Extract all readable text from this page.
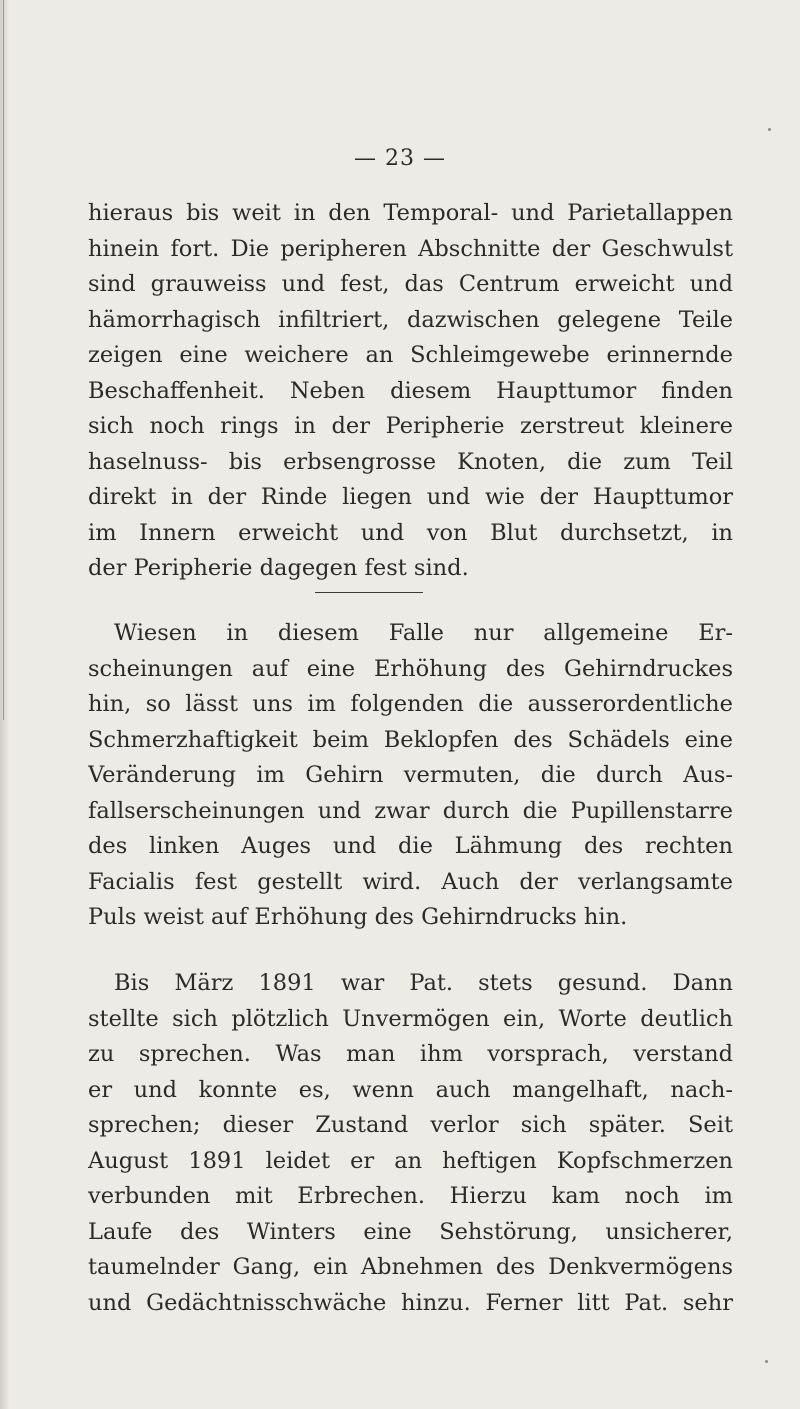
— 23 —
hieraus bis weit in den Temporal- und Parietallappen
hinein fort. Die peripheren Abschnitte der Geschwulst
sind grauweiss und fest, das Centrum erweicht und
hämorrhagisch infiltriert, dazwischen gelegene Teile
zeigen eine weichere an Schleimgewebe erinnernde
Beschaffenheit. Neben diesem Haupttumor finden
sich noch rings in der Peripherie zerstreut kleinere
haselnuss- bis erbsengrosse Knoten, die zum Teil
direkt in der Rinde liegen und wie der Haupttumor
im Innern erweicht und von Blut durchsetzt, in
der Peripherie dagegen fest sind.
Wiesen in diesem Falle nur allgemeine Er-
scheinungen auf eine Erhöhung des Gehirndruckes
hin, so lässt uns im folgenden die ausserordentliche
Schmerzhaftigkeit beim Beklopfen des Schädels eine
Veränderung im Gehirn vermuten, die durch Aus-
fallserscheinungen und zwar durch die Pupillenstarre
des linken Auges und die Lähmung des rechten
Facialis fest gestellt wird. Auch der verlangsamte
Puls weist auf Erhöhung des Gehirndrucks hin.
Bis März 1891 war Pat. stets gesund. Dann
stellte sich plötzlich Unvermögen ein, Worte deutlich
zu sprechen. Was man ihm vorsprach, verstand
er und konnte es, wenn auch mangelhaft, nach-
sprechen; dieser Zustand verlor sich später. Seit
August 1891 leidet er an heftigen Kopfschmerzen
verbunden mit Erbrechen. Hierzu kam noch im
Laufe des Winters eine Sehstörung, unsicherer,
taumelnder Gang, ein Abnehmen des Denkvermögens
und Gedächtnisschwäche hinzu. Ferner litt Pat. sehr
